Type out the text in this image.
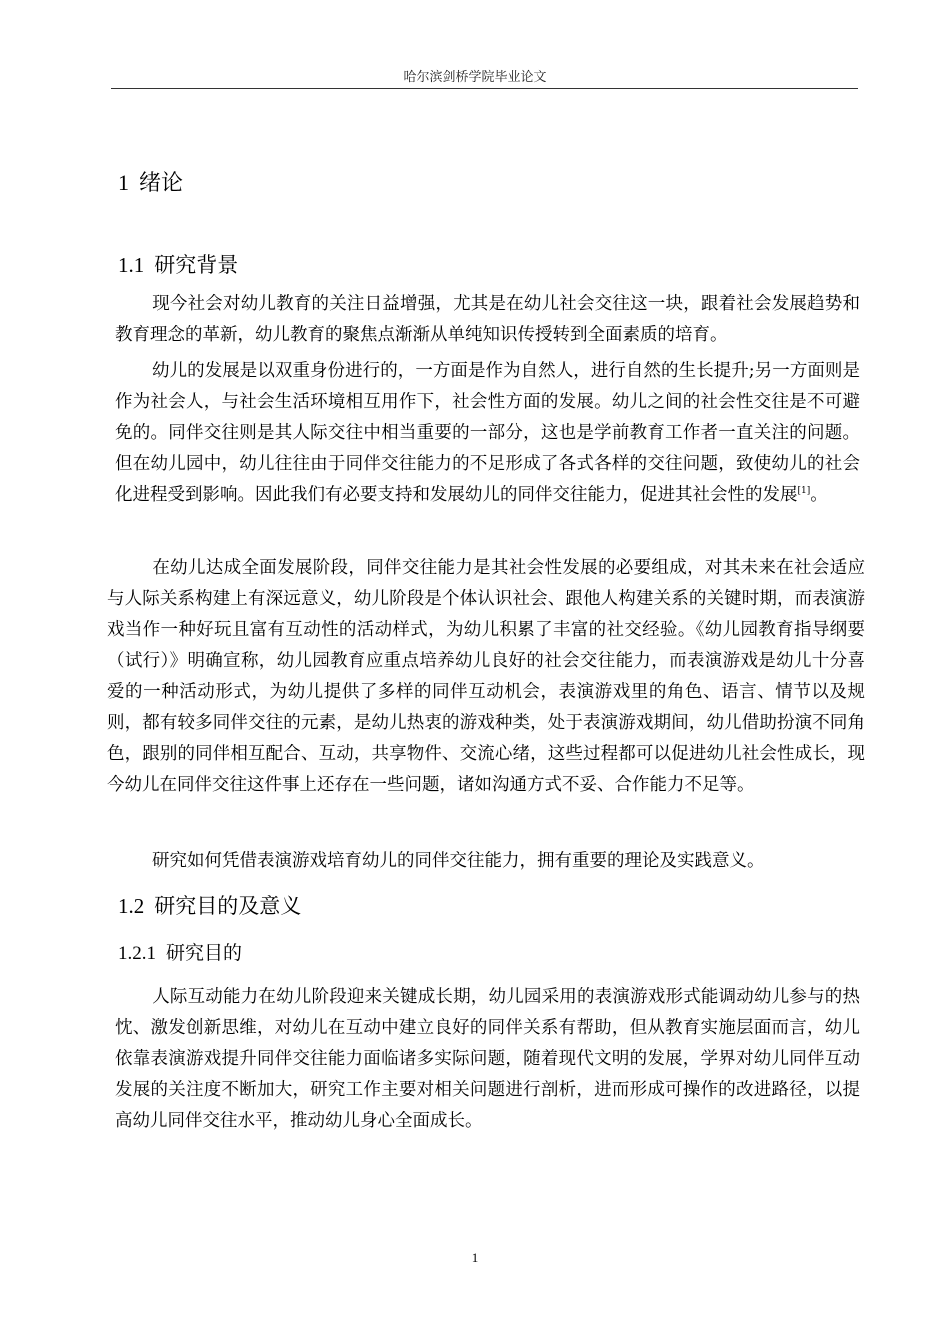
哈尔滨剑桥学院毕业论文
1 绪论
1.1 研究背景

现今社会对幼儿教育的关注日益增强，尤其是在幼儿社会交往这一块，跟着社会发展趋势和教育理念的革新，幼儿教育的聚焦点渐渐从单纯知识传授转到全面素质的培育。

幼儿的发展是以双重身份进行的，一方面是作为自然人，进行自然的生长提升;另一方面则是作为社会人，与社会生活环境相互用作下，社会性方面的发展。幼儿之间的社会性交往是不可避免的。同伴交往则是其人际交往中相当重要的一部分，这也是学前教育工作者一直关注的问题。但在幼儿园中，幼儿往往由于同伴交往能力的不足形成了各式各样的交往问题，致使幼儿的社会化进程受到影响。因此我们有必要支持和发展幼儿的同伴交往能力，促进其社会性的发展[1]。

在幼儿达成全面发展阶段，同伴交往能力是其社会性发展的必要组成，对其未来在社会适应与人际关系构建上有深远意义，幼儿阶段是个体认识社会、跟他人构建关系的关键时期，而表演游戏当作一种好玩且富有互动性的活动样式，为幼儿积累了丰富的社交经验。《幼儿园教育指导纲要（试行）》明确宣称，幼儿园教育应重点培养幼儿良好的社会交往能力，而表演游戏是幼儿十分喜爱的一种活动形式，为幼儿提供了多样的同伴互动机会，表演游戏里的角色、语言、情节以及规则，都有较多同伴交往的元素，是幼儿热衷的游戏种类，处于表演游戏期间，幼儿借助扮演不同角色，跟别的同伴相互配合、互动，共享物件、交流心绪，这些过程都可以促进幼儿社会性成长，现今幼儿在同伴交往这件事上还存在一些问题，诸如沟通方式不妥、合作能力不足等。

研究如何凭借表演游戏培育幼儿的同伴交往能力，拥有重要的理论及实践意义。

1.2 研究目的及意义
1.2.1 研究目的

人际互动能力在幼儿阶段迎来关键成长期，幼儿园采用的表演游戏形式能调动幼儿参与的热忱、激发创新思维，对幼儿在互动中建立良好的同伴关系有帮助，但从教育实施层面而言，幼儿依靠表演游戏提升同伴交往能力面临诸多实际问题，随着现代文明的发展，学界对幼儿同伴互动发展的关注度不断加大，研究工作主要对相关问题进行剖析，进而形成可操作的改进路径，以提高幼儿同伴交往水平，推动幼儿身心全面成长。

1
